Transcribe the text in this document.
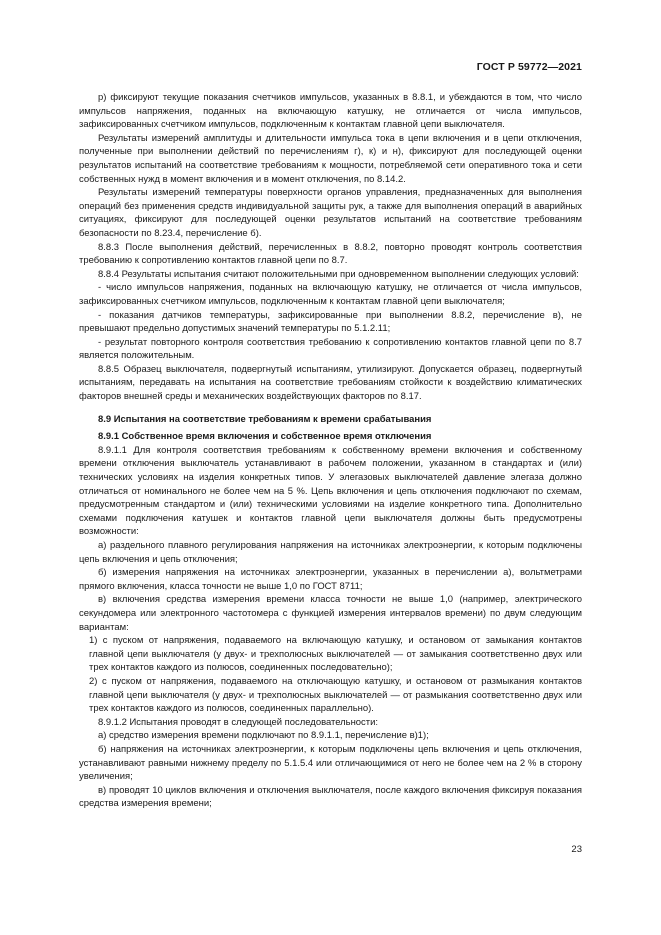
ГОСТ Р 59772—2021

р) фиксируют текущие показания счетчиков импульсов, указанных в 8.8.1, и убеждаются в том, что число импульсов напряжения, поданных на включающую катушку, не отличается от числа импульсов, зафиксированных счетчиком импульсов, подключенным к контактам главной цепи выключателя.

Результаты измерений амплитуды и длительности импульса тока в цепи включения и в цепи отключения, полученные при выполнении действий по перечислениям г), к) и н), фиксируют для последующей оценки результатов испытаний на соответствие требованиям к мощности, потребляемой сети оперативного тока и сети собственных нужд в момент включения и в момент отключения, по 8.14.2.

Результаты измерений температуры поверхности органов управления, предназначенных для выполнения операций без применения средств индивидуальной защиты рук, а также для выполнения операций в аварийных ситуациях, фиксируют для последующей оценки результатов испытаний на соответствие требованиям безопасности по 8.23.4, перечисление б).

8.8.3 После выполнения действий, перечисленных в 8.8.2, повторно проводят контроль соответствия требованию к сопротивлению контактов главной цепи по 8.7.

8.8.4 Результаты испытания считают положительными при одновременном выполнении следующих условий:

- число импульсов напряжения, поданных на включающую катушку, не отличается от числа импульсов, зафиксированных счетчиком импульсов, подключенным к контактам главной цепи выключателя;

- показания датчиков температуры, зафиксированные при выполнении 8.8.2, перечисление в), не превышают предельно допустимых значений температуры по 5.1.2.11;

- результат повторного контроля соответствия требованию к сопротивлению контактов главной цепи по 8.7 является положительным.

8.8.5 Образец выключателя, подвергнутый испытаниям, утилизируют. Допускается образец, подвергнутый испытаниям, передавать на испытания на соответствие требованиям стойкости к воздействию климатических факторов внешней среды и механических воздействующих факторов по 8.17.

8.9 Испытания на соответствие требованиям к времени срабатывания

8.9.1 Собственное время включения и собственное время отключения

8.9.1.1 Для контроля соответствия требованиям к собственному времени включения и собственному времени отключения выключатель устанавливают в рабочем положении, указанном в стандартах и (или) технических условиях на изделия конкретных типов. У элегазовых выключателей давление элегаза должно отличаться от номинального не более чем на 5 %. Цепь включения и цепь отключения подключают по схемам, предусмотренным стандартом и (или) техническими условиями на изделие конкретного типа. Дополнительно схемами подключения катушек и контактов главной цепи выключателя должны быть предусмотрены возможности:

а) раздельного плавного регулирования напряжения на источниках электроэнергии, к которым подключены цепь включения и цепь отключения;

б) измерения напряжения на источниках электроэнергии, указанных в перечислении а), вольтметрами прямого включения, класса точности не выше 1,0 по ГОСТ 8711;

в) включения средства измерения времени класса точности не выше 1,0 (например, электрического секундомера или электронного частотомера с функцией измерения интервалов времени) по двум следующим вариантам:

1) с пуском от напряжения, подаваемого на включающую катушку, и остановом от замыкания контактов главной цепи выключателя (у двух- и трехполюсных выключателей — от замыкания соответственно двух или трех контактов каждого из полюсов, соединенных последовательно);

2) с пуском от напряжения, подаваемого на отключающую катушку, и остановом от размыкания контактов главной цепи выключателя (у двух- и трехполюсных выключателей — от размыкания соответственно двух или трех контактов каждого из полюсов, соединенных параллельно).

8.9.1.2 Испытания проводят в следующей последовательности:

а) средство измерения времени подключают по 8.9.1.1, перечисление в)1);

б) напряжения на источниках электроэнергии, к которым подключены цепь включения и цепь отключения, устанавливают равными нижнему пределу по 5.1.5.4 или отличающимися от него не более чем на 2 % в сторону увеличения;

в) проводят 10 циклов включения и отключения выключателя, после каждого включения фиксируя показания средства измерения времени;

23
